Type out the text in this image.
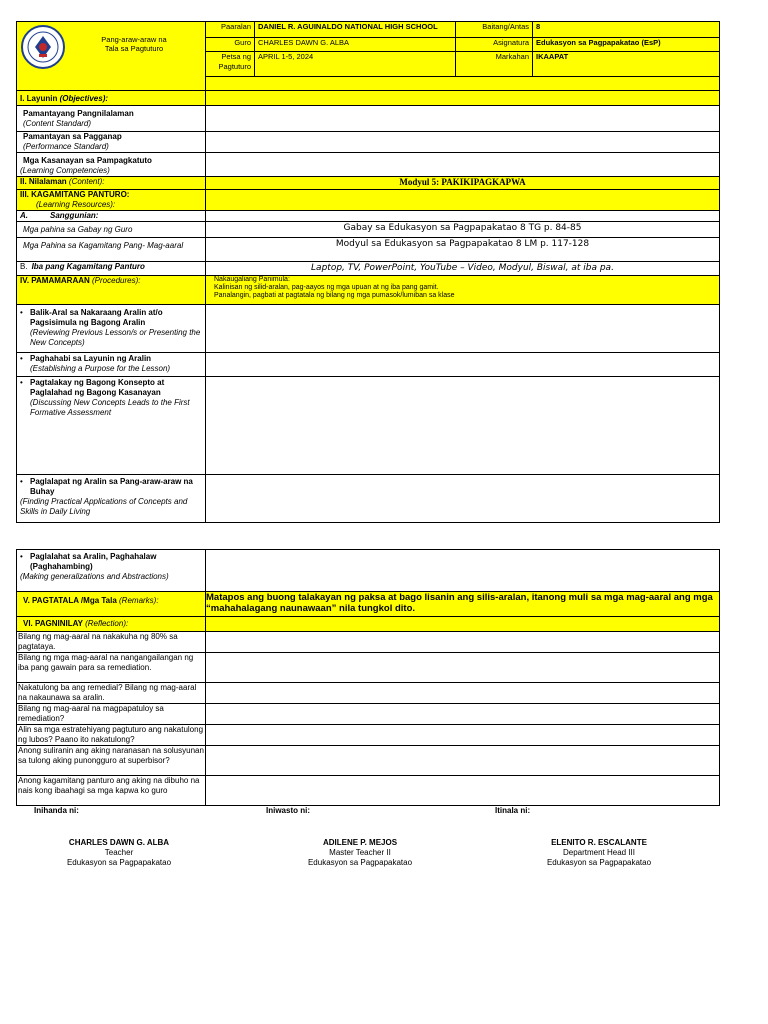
Pang-araw-araw na
Tala sa Pagtuturo	Paaralan	DANIEL R. AGUINALDO NATIONAL HIGH SCHOOL	Baitang/Antas	8
	Guro	CHARLES DAWN G. ALBA	Asignatura	Edukasyon sa Pagpapakatao (EsP)

	Petsa ng
Pagtuturo	APRIL 1-5, 2024	Markahan	IKAAPAT

I. Layunin (Objectives):				

Pamantayang Pangnilalaman
(Content Standard)				

Pamantayan sa Pagganap
(Performance Standard)				

Mga Kasanayan sa Pampagkatuto
(Learning Competencies)				

II. Nilalaman (Content):	Modyul 5: PAKIKIPAGKAPWA			

III. KAGAMITANG PANTURO:
(Learning Resources):				

A. Sanggunian:				
Mga pahina sa Gabay ng Guro	Gabay sa Edukasyon sa Pagpapakatao 8 TG p. 84-85			
Mga Pahina sa Kagamitang Pang- Mag-aaral	Modyul sa Edukasyon sa Pagpapakatao 8 LM p. 117-128			
B. Iba pang Kagamitang Panturo	Laptop, TV, PowerPoint, YouTube – Video, Modyul, Biswal, at iba pa.			
IV. PAMAMARAAN (Procedures):	Nakaugaliang Panimula:
Kalinisan ng silid-aralan, pag-aayos ng mga upuan at ng iba pang gamit.
Panalangin, pagbati at pagtatala ng bilang ng mga pumasok/lumiban sa klase			

• Balik-Aral sa Nakaraang Aralin at/o Pagsisimula ng Bagong Aralin
(Reviewing Previous Lesson/s or Presenting the New Concepts)				

• Paghahabi sa Layunin ng Aralin
(Establishing a Purpose for the Lesson)				

• Pagtalakay ng Bagong Konsepto at Paglalahad ng Bagong Kasanayan
(Discussing New Concepts Leads to the First Formative Assessment				

• Paglalapat ng Aralin sa Pang-araw-araw na Buhay
(Finding Practical Applications of Concepts and Skills in Daily Living				

• Paglalahat sa Aralin, Paghahalaw (Paghahambing)
(Making generalizations and Abstractions)	

V. PAGTATALA /Mga Tala (Remarks):	Matapos ang buong talakayan ng paksa at bago lisanin ang silis-aralan, itanong muli sa mga mag-aaral ang mga “mahahalagang naunawaan” nila tungkol dito.
VI. PAGNINILAY (Reflection):	
Bilang ng mag-aaral na nakakuha ng 80% sa pagtataya.	
Bilang ng mga mag-aaral na nangangailangan ng iba pang gawain para sa remediation.	
Nakatulong ba ang remedial? Bilang ng mag-aaral na nakaunawa sa aralin.	
Bilang ng mag-aaral na magpapatuloy sa remediation?	
Alin sa mga estratehiyang pagtuturo ang nakatulong ng lubos? Paano ito nakatulong?	
Anong suliranin ang aking naranasan na solusyunan sa tulong aking punongguro at superbisor?	
Anong kagamitang panturo ang aking na dibuho na nais kong ibaahagi sa mga kapwa ko guro	
Inihanda ni:	Iniwasto ni:	Itinala ni:
CHARLES DAWN G. ALBA
Teacher
Edukasyon sa Pagpapakatao
ADILENE P. MEJOS
Master Teacher II
Edukasyon sa Pagpapakatao
ELENITO R. ESCALANTE
Department Head III
Edukasyon sa Pagpapakatao
